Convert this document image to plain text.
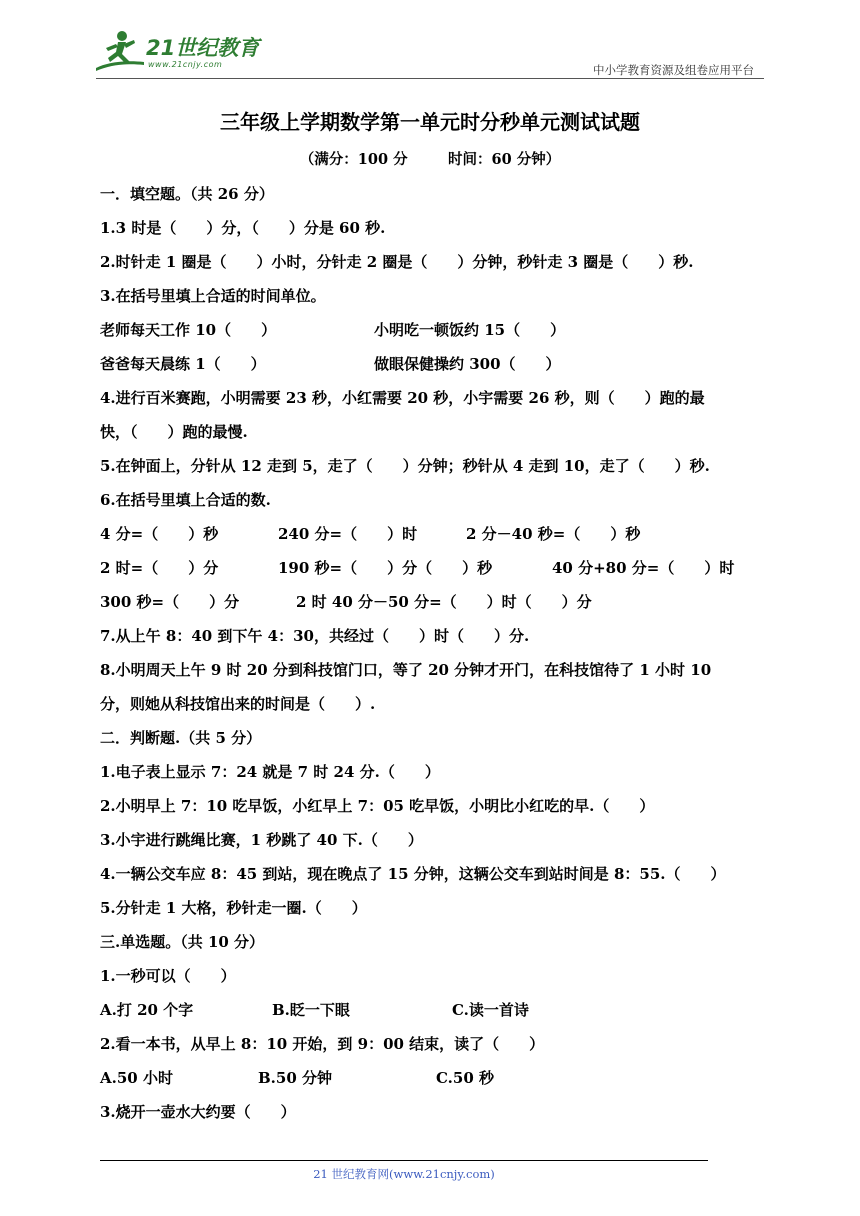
21世纪教育
www.21cnjy.com	中小学教育资源及组卷应用平台
三年级上学期数学第一单元时分秒单元测试试题
（满分：100 分        时间：60 分钟）
一．填空题。（共 26 分）
1.3 时是（　　）分，（　　）分是 60 秒.
2.时针走 1 圈是（　　）小时，分针走 2 圈是（　　）分钟，秒针走 3 圈是（　　）秒.
3.在括号里填上合适的时间单位。
老师每天工作 10（　　）	小明吃一顿饭约 15（　　）
爸爸每天晨练 1（　　）	做眼保健操约 300（　　）
4.进行百米赛跑，小明需要 23 秒，小红需要 20 秒，小宇需要 26 秒，则（　　）跑的最
快，（　　）跑的最慢.
5.在钟面上，分针从 12 走到 5，走了（　　）分钟；秒针从 4 走到 10，走了（　　）秒.
6.在括号里填上合适的数.
4 分=（　　）秒	240 分=（　　）时	2 分－40 秒=（　　）秒
2 时=（　　）分	190 秒=（　　）分（　　）秒	40 分+80 分=（　　）时
300 秒=（　　）分	2 时 40 分－50 分=（　　）时（　　）分
7.从上午 8：40 到下午 4：30，共经过（　　）时（　　）分.
8.小明周天上午 9 时 20 分到科技馆门口，等了 20 分钟才开门，在科技馆待了 1 小时 10
分，则她从科技馆出来的时间是（　　）.
二．判断题.（共 5 分）
1.电子表上显示 7：24 就是 7 时 24 分.（　　）
2.小明早上 7：10 吃早饭，小红早上 7：05 吃早饭，小明比小红吃的早.（　　）
3.小宇进行跳绳比赛，1 秒跳了 40 下.（　　）
4.一辆公交车应 8：45 到站，现在晚点了 15 分钟，这辆公交车到站时间是 8：55.（　　）
5.分针走 1 大格，秒针走一圈.（　　）
三.单选题。（共 10 分）
1.一秒可以（　　）
A.打 20 个字	B.眨一下眼	C.读一首诗
2.看一本书，从早上 8：10 开始，到 9：00 结束，读了（　　）
A.50 小时	B.50 分钟	C.50 秒
3.烧开一壶水大约要（　　）
21 世纪教育网(www.21cnjy.com)
